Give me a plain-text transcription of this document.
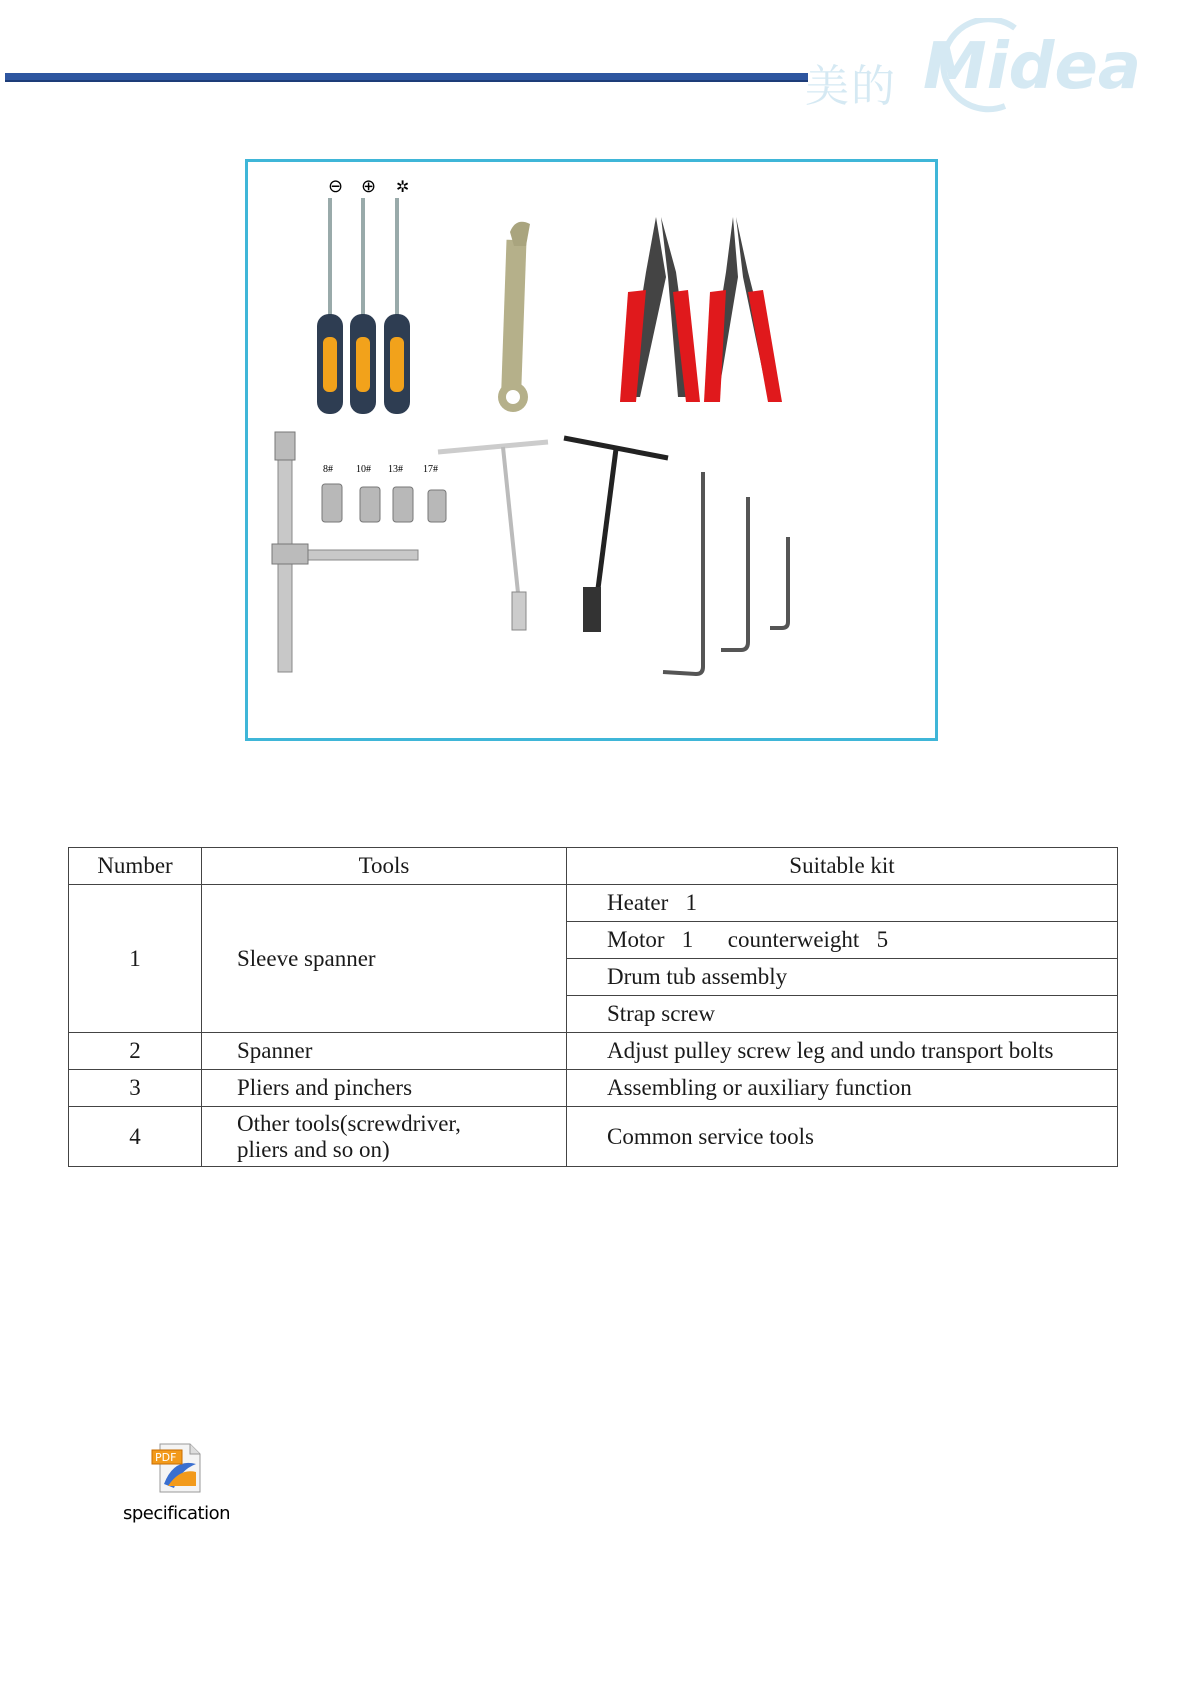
美的 Midea
⊖ ⊕ ✲
8# 10# 13# 17#
Number	Tools	Suitable kit
1	Sleeve spanner	Heater   1
		Motor   1      counterweight   5
		Drum tub assembly
		Strap screw
2	Spanner	Adjust pulley screw leg and undo transport bolts
3	Pliers and pinchers	Assembling or auxiliary function
4	Other tools(screwdriver,
pliers and so on)	Common service tools
PDF
specification
